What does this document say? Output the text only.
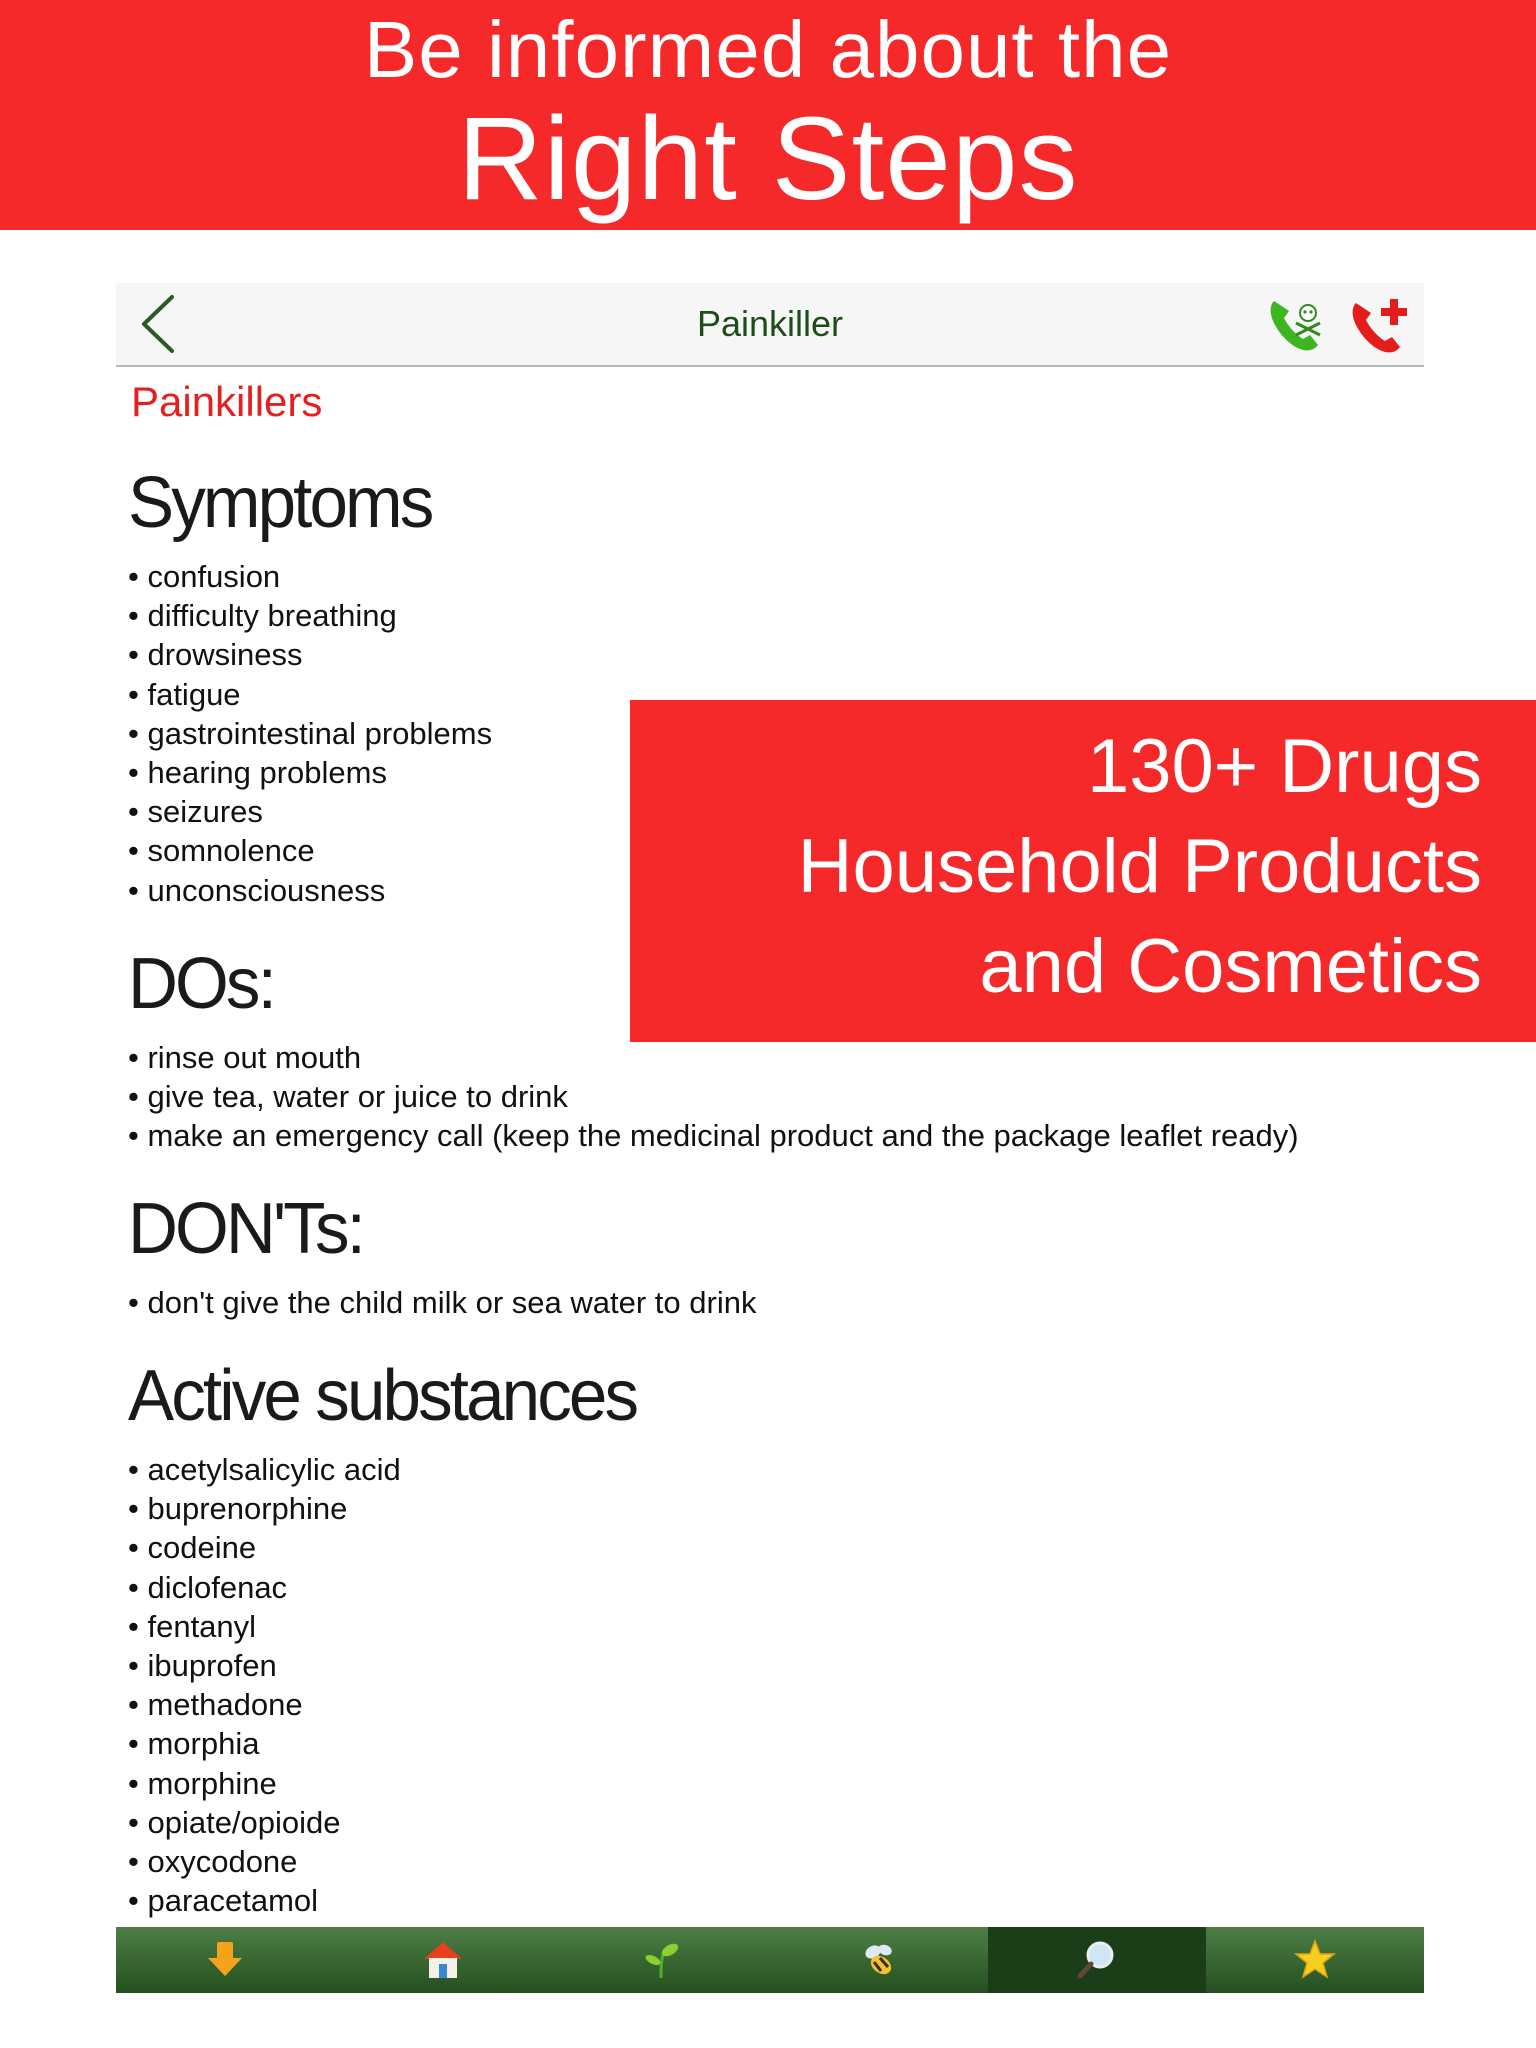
Be informed about the
Right Steps
Painkiller
Painkillers
Symptoms
• confusion
• difficulty breathing
• drowsiness
• fatigue
• gastrointestinal problems
• hearing problems
• seizures
• somnolence
• unconsciousness
DOs:
• rinse out mouth
• give tea, water or juice to drink
• make an emergency call (keep the medicinal product and the package leaflet ready)
DON'Ts:
• don't give the child milk or sea water to drink
Active substances
• acetylsalicylic acid
• buprenorphine
• codeine
• diclofenac
• fentanyl
• ibuprofen
• methadone
• morphia
• morphine
• opiate/opioide
• oxycodone
• paracetamol
130+ Drugs
Household Products
and Cosmetics
